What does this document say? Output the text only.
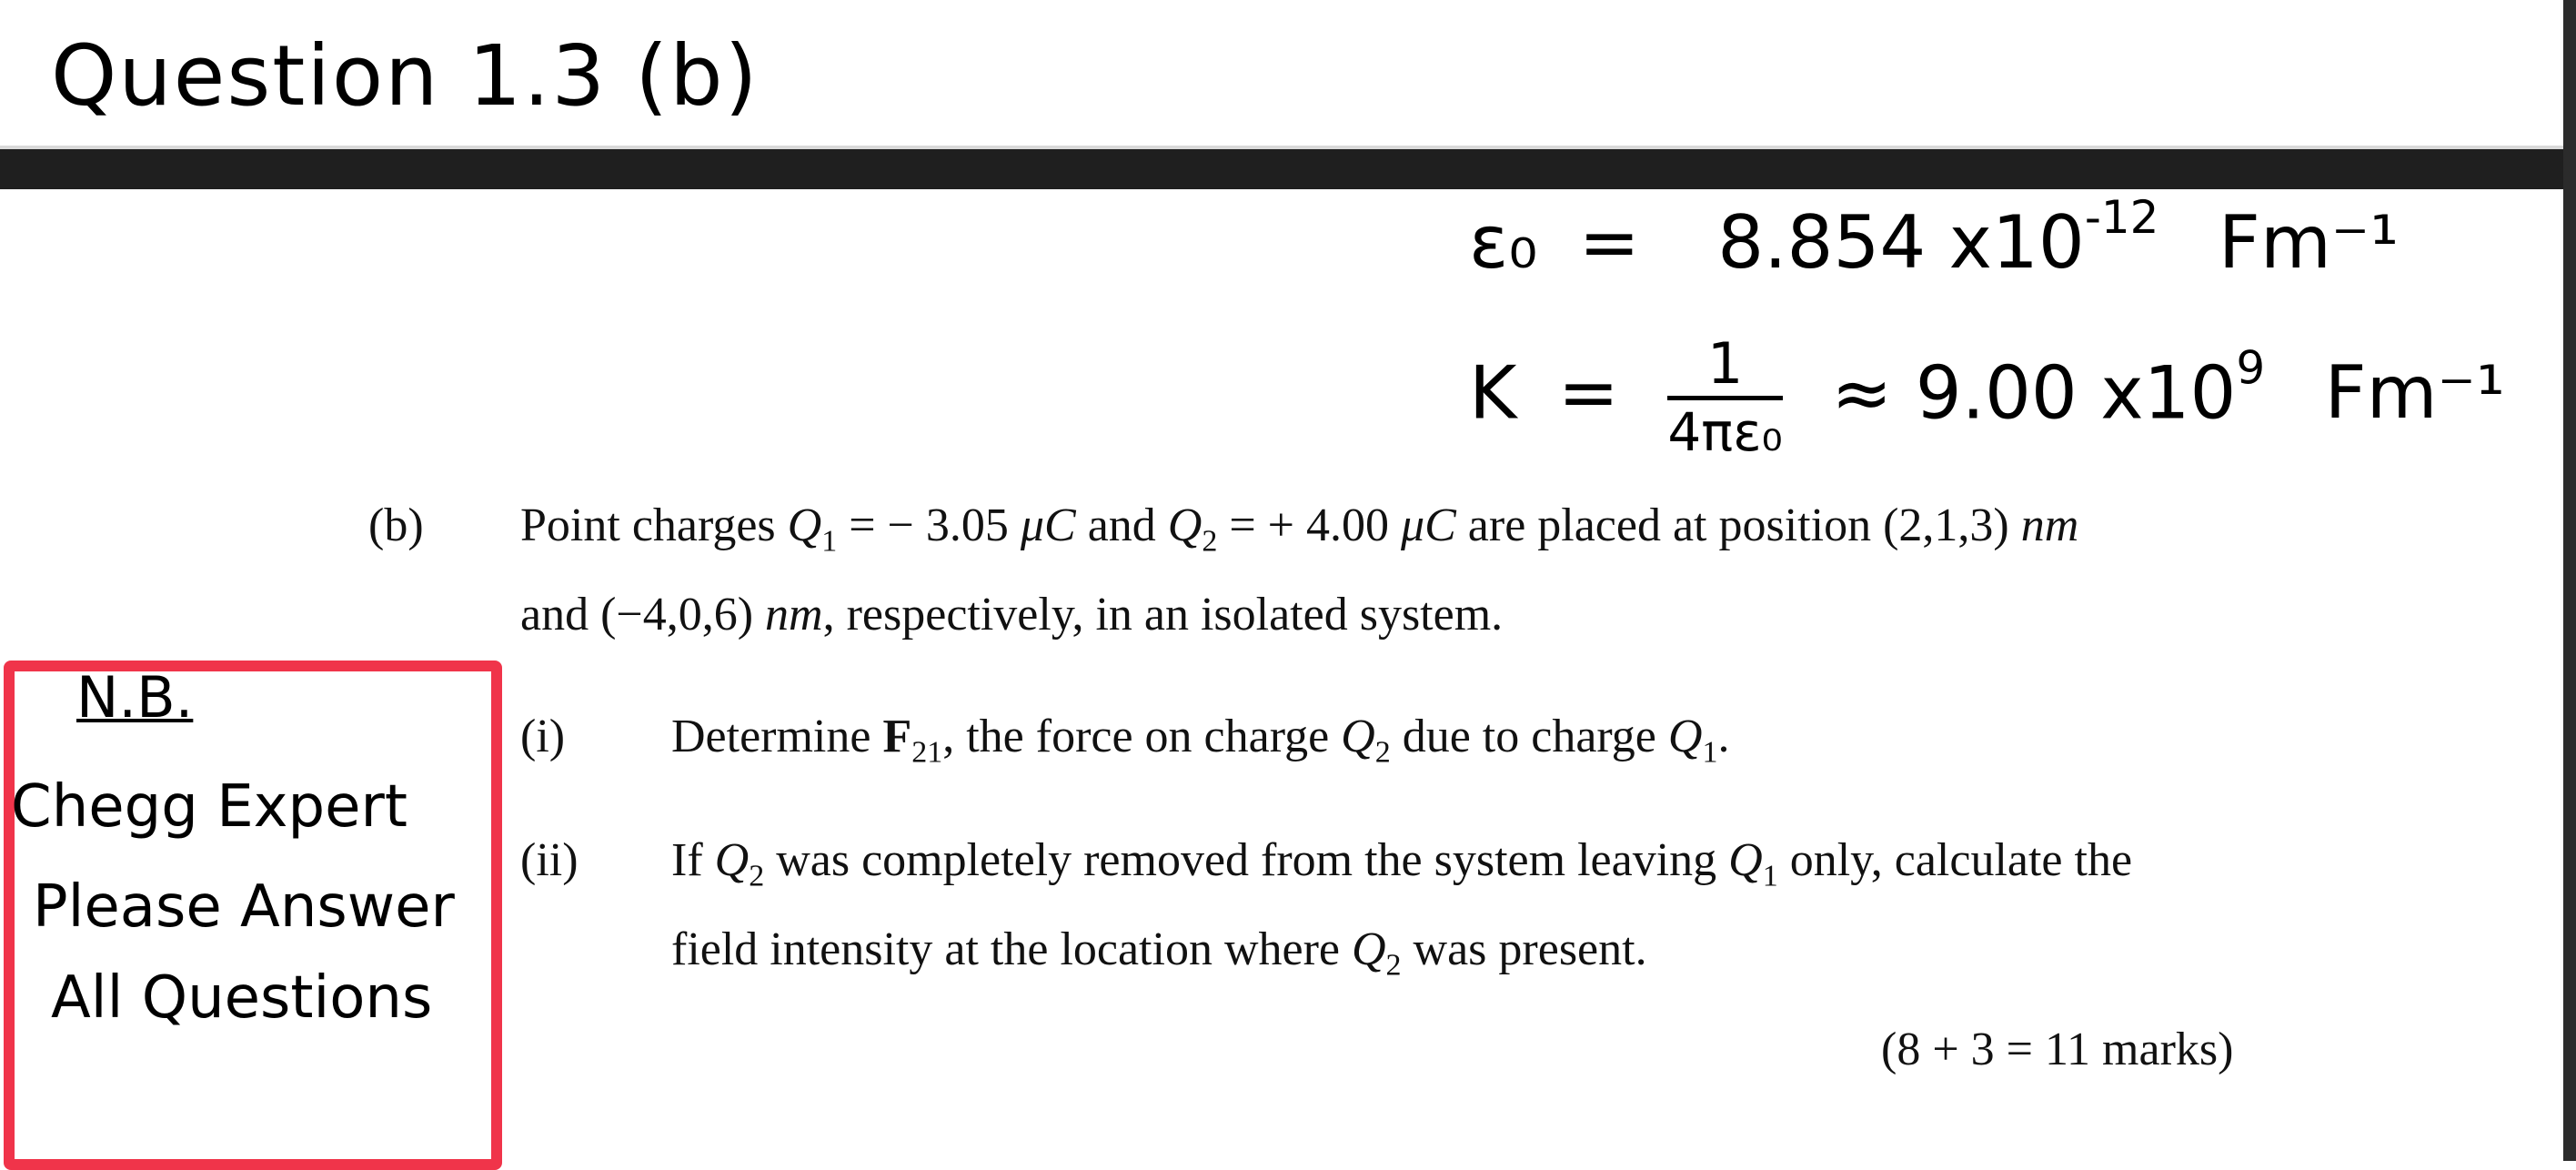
Question 1.3 (b)
ε₀ = 8.854 $x10^{-12}$ Fm⁻¹
$K = \frac{1}{\text{4πε₀}} \approx 9.00$ $x10^9$ Fm⁻¹
(b) Point charges $Q_1$ = − 3.05 μC and $Q_2$ = + 4.00 μC are placed at position (2,1,3) nm
and (−4,0,6) nm, respectively, in an isolated system.
(i) Determine $F_{21}$, the force on charge $Q_2$ due to charge $Q_1$.
(ii) If $Q_2$ was completely removed from the system leaving $Q_1$ only, calculate the
field intensity at the location where $Q_2$ was present.
(8 + 3 = 11 marks)
N.B.
Chegg Expert
Please Answer
All Questions
